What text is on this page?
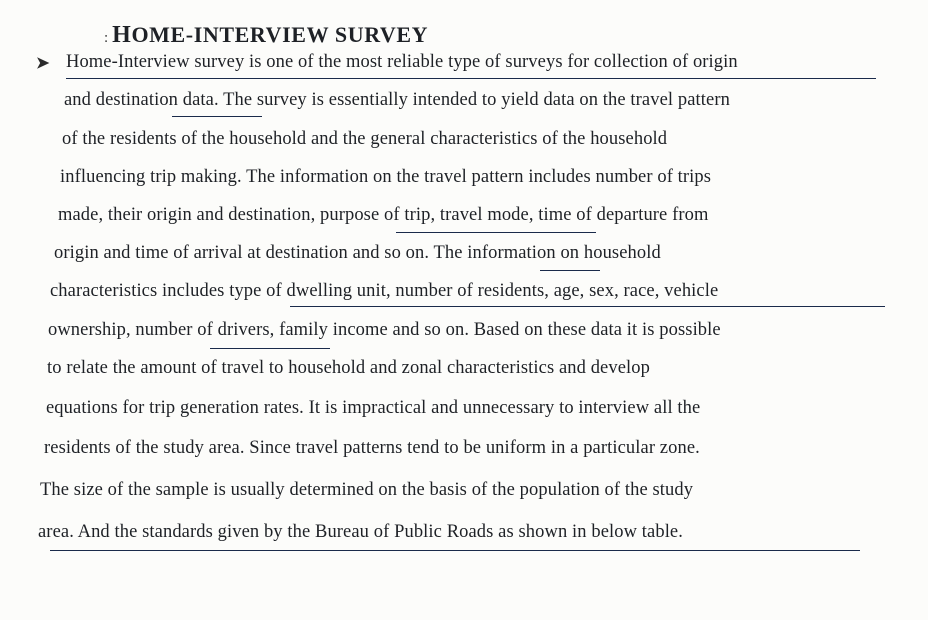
: H OME-INTERVIEW SURVEY
➤ Home-Interview survey is one of the most reliable type of surveys for collection of origin
and destination data. The survey is essentially intended to yield data on the travel pattern
of the residents of the household and the general characteristics of the household
influencing trip making. The information on the travel pattern includes number of trips
made, their origin and destination, purpose of trip, travel mode, time of departure from
origin and time of arrival at destination and so on. The information on household
characteristics includes type of dwelling unit, number of residents, age, sex, race, vehicle
ownership, number of drivers, family income and so on. Based on these data it is possible
to relate the amount of travel to household and zonal characteristics and develop
equations for trip generation rates. It is impractical and unnecessary to interview all the
residents of the study area. Since travel patterns tend to be uniform in a particular zone.
The size of the sample is usually determined on the basis of the population of the study
area. And the standards given by the Bureau of Public Roads as shown in below table.
